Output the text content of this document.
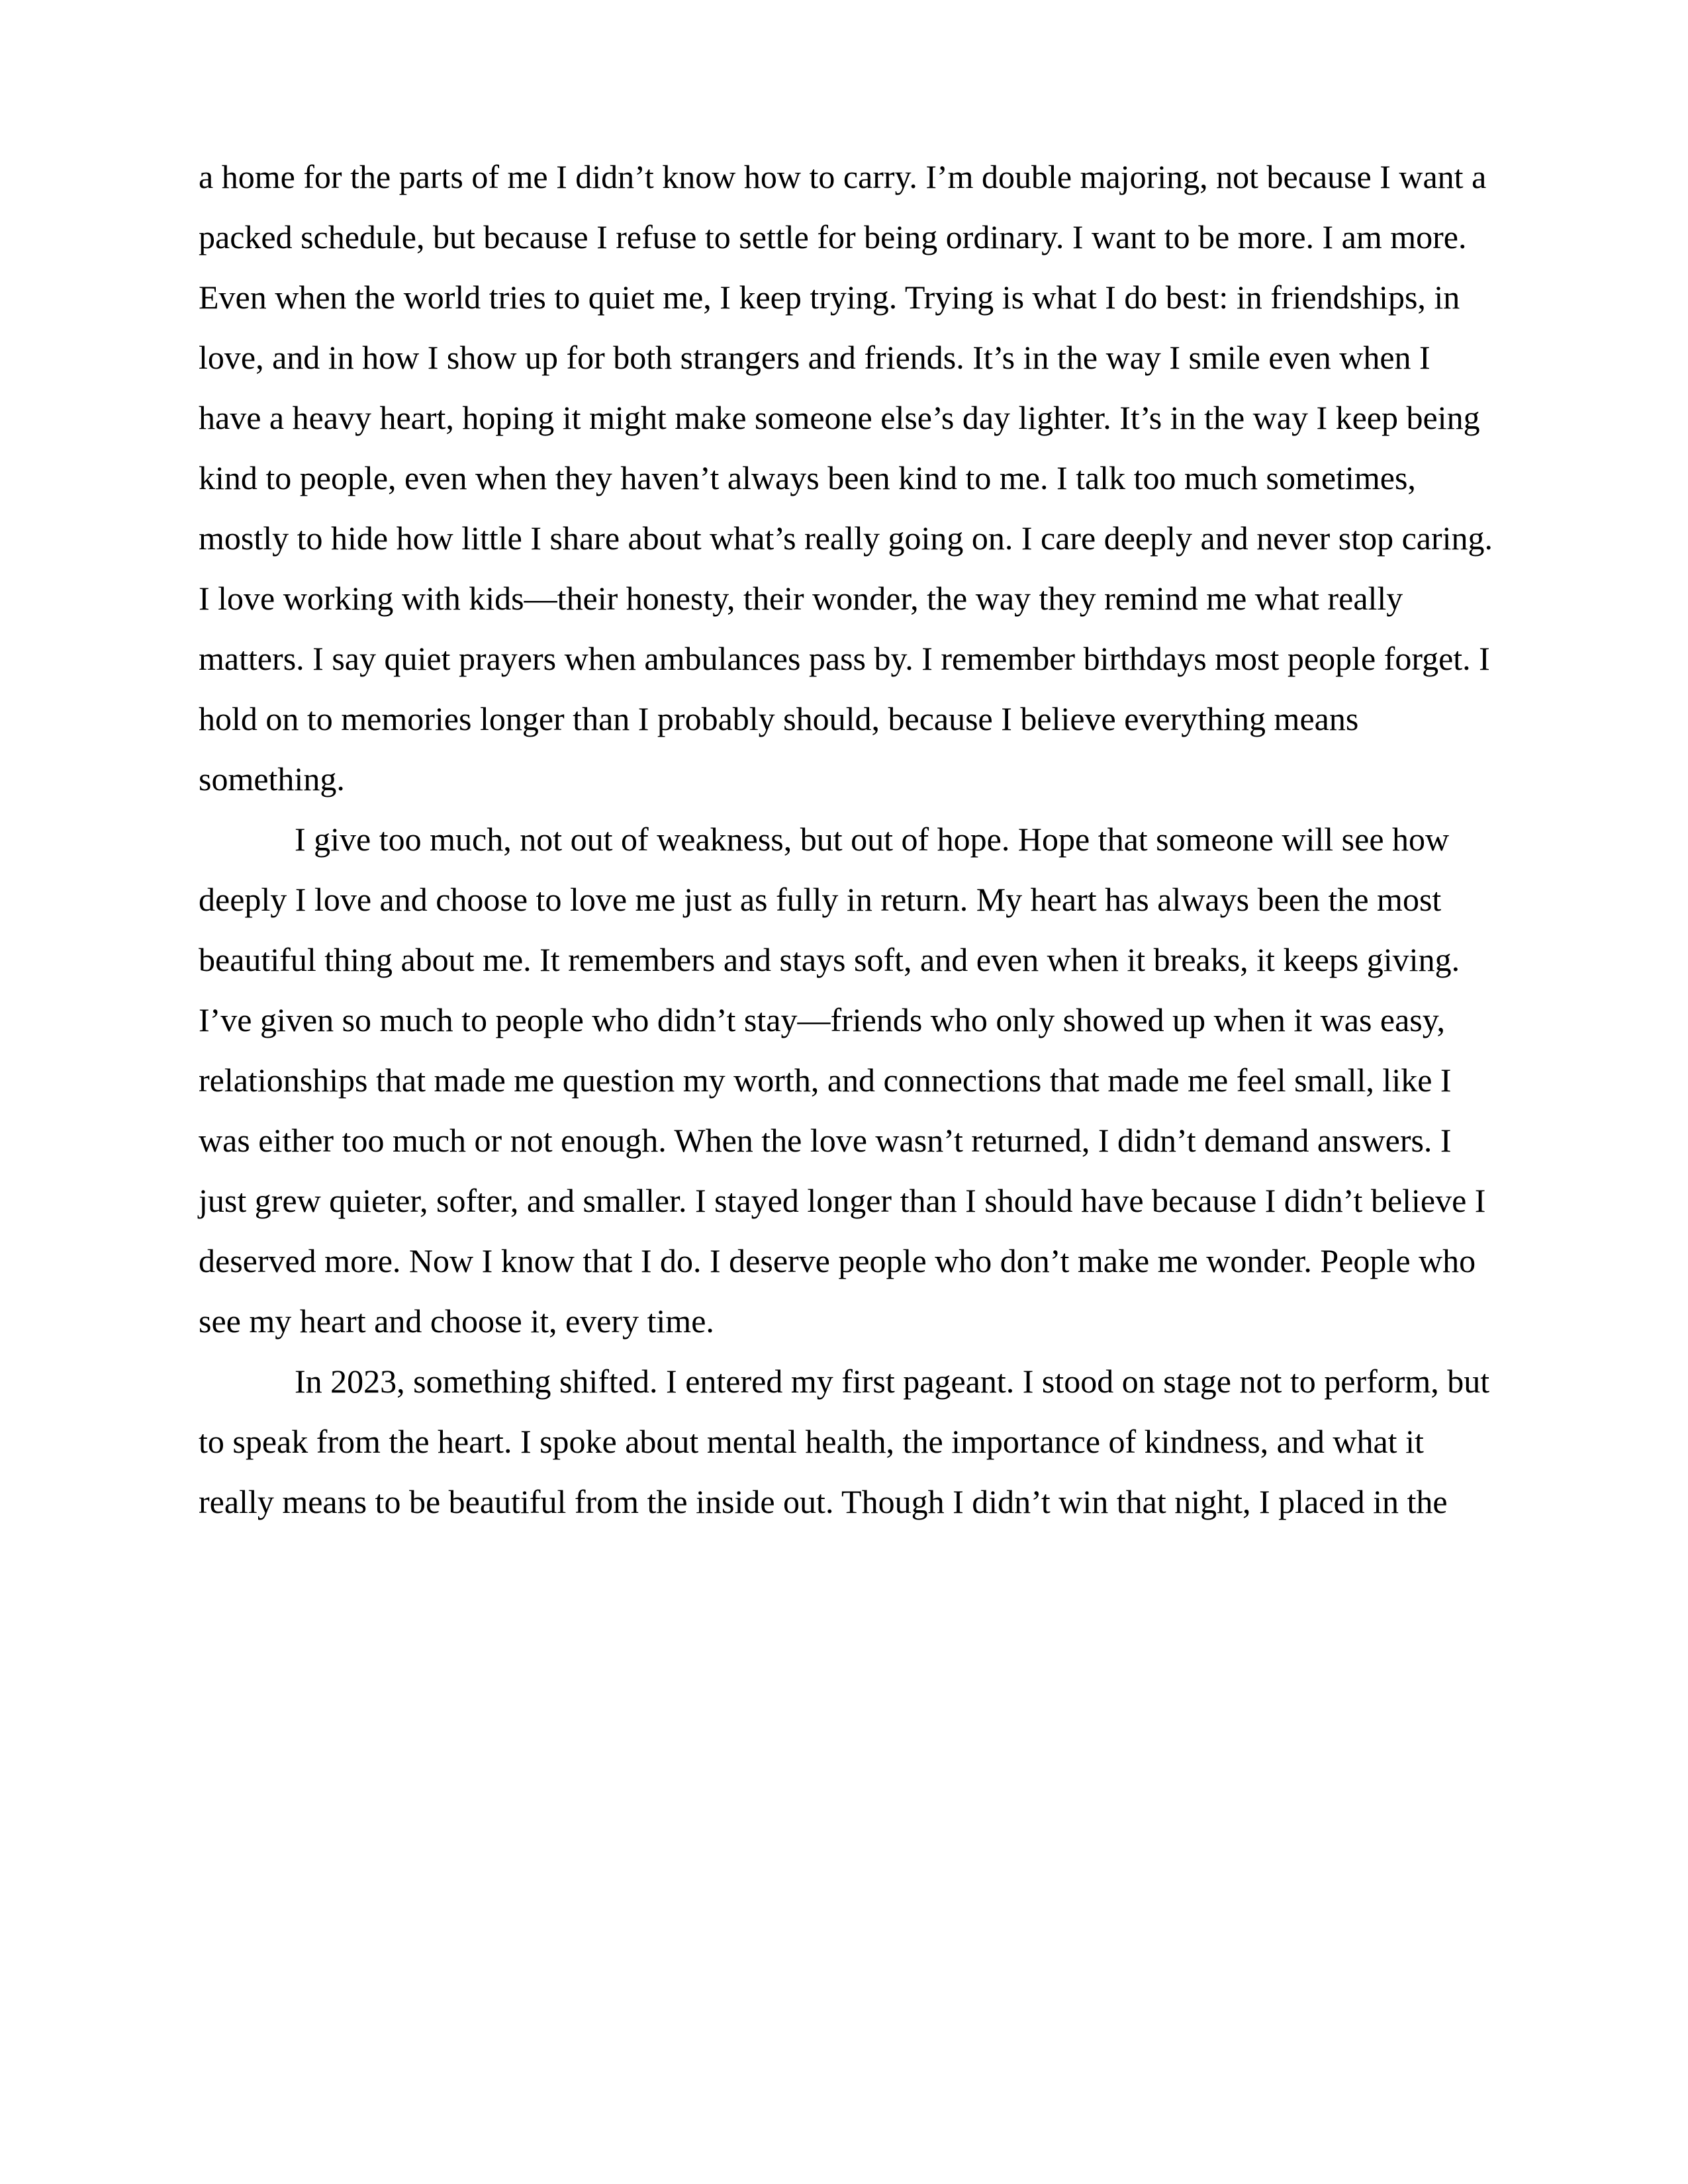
a home for the parts of me I didn’t know how to carry. I’m double majoring, not because I want a packed schedule, but because I refuse to settle for being ordinary. I want to be more. I am more. Even when the world tries to quiet me, I keep trying. Trying is what I do best: in friendships, in love, and in how I show up for both strangers and friends. It’s in the way I smile even when I have a heavy heart, hoping it might make someone else’s day lighter. It’s in the way I keep being kind to people, even when they haven’t always been kind to me. I talk too much sometimes, mostly to hide how little I share about what’s really going on. I care deeply and never stop caring. I love working with kids—their honesty, their wonder, the way they remind me what really matters. I say quiet prayers when ambulances pass by. I remember birthdays most people forget. I hold on to memories longer than I probably should, because I believe everything means something.

I give too much, not out of weakness, but out of hope. Hope that someone will see how deeply I love and choose to love me just as fully in return. My heart has always been the most beautiful thing about me. It remembers and stays soft, and even when it breaks, it keeps giving. I’ve given so much to people who didn’t stay—friends who only showed up when it was easy, relationships that made me question my worth, and connections that made me feel small, like I was either too much or not enough. When the love wasn’t returned, I didn’t demand answers. I just grew quieter, softer, and smaller. I stayed longer than I should have because I didn’t believe I deserved more. Now I know that I do. I deserve people who don’t make me wonder. People who see my heart and choose it, every time.

In 2023, something shifted. I entered my first pageant. I stood on stage not to perform, but to speak from the heart. I spoke about mental health, the importance of kindness, and what it really means to be beautiful from the inside out. Though I didn’t win that night, I placed in the
